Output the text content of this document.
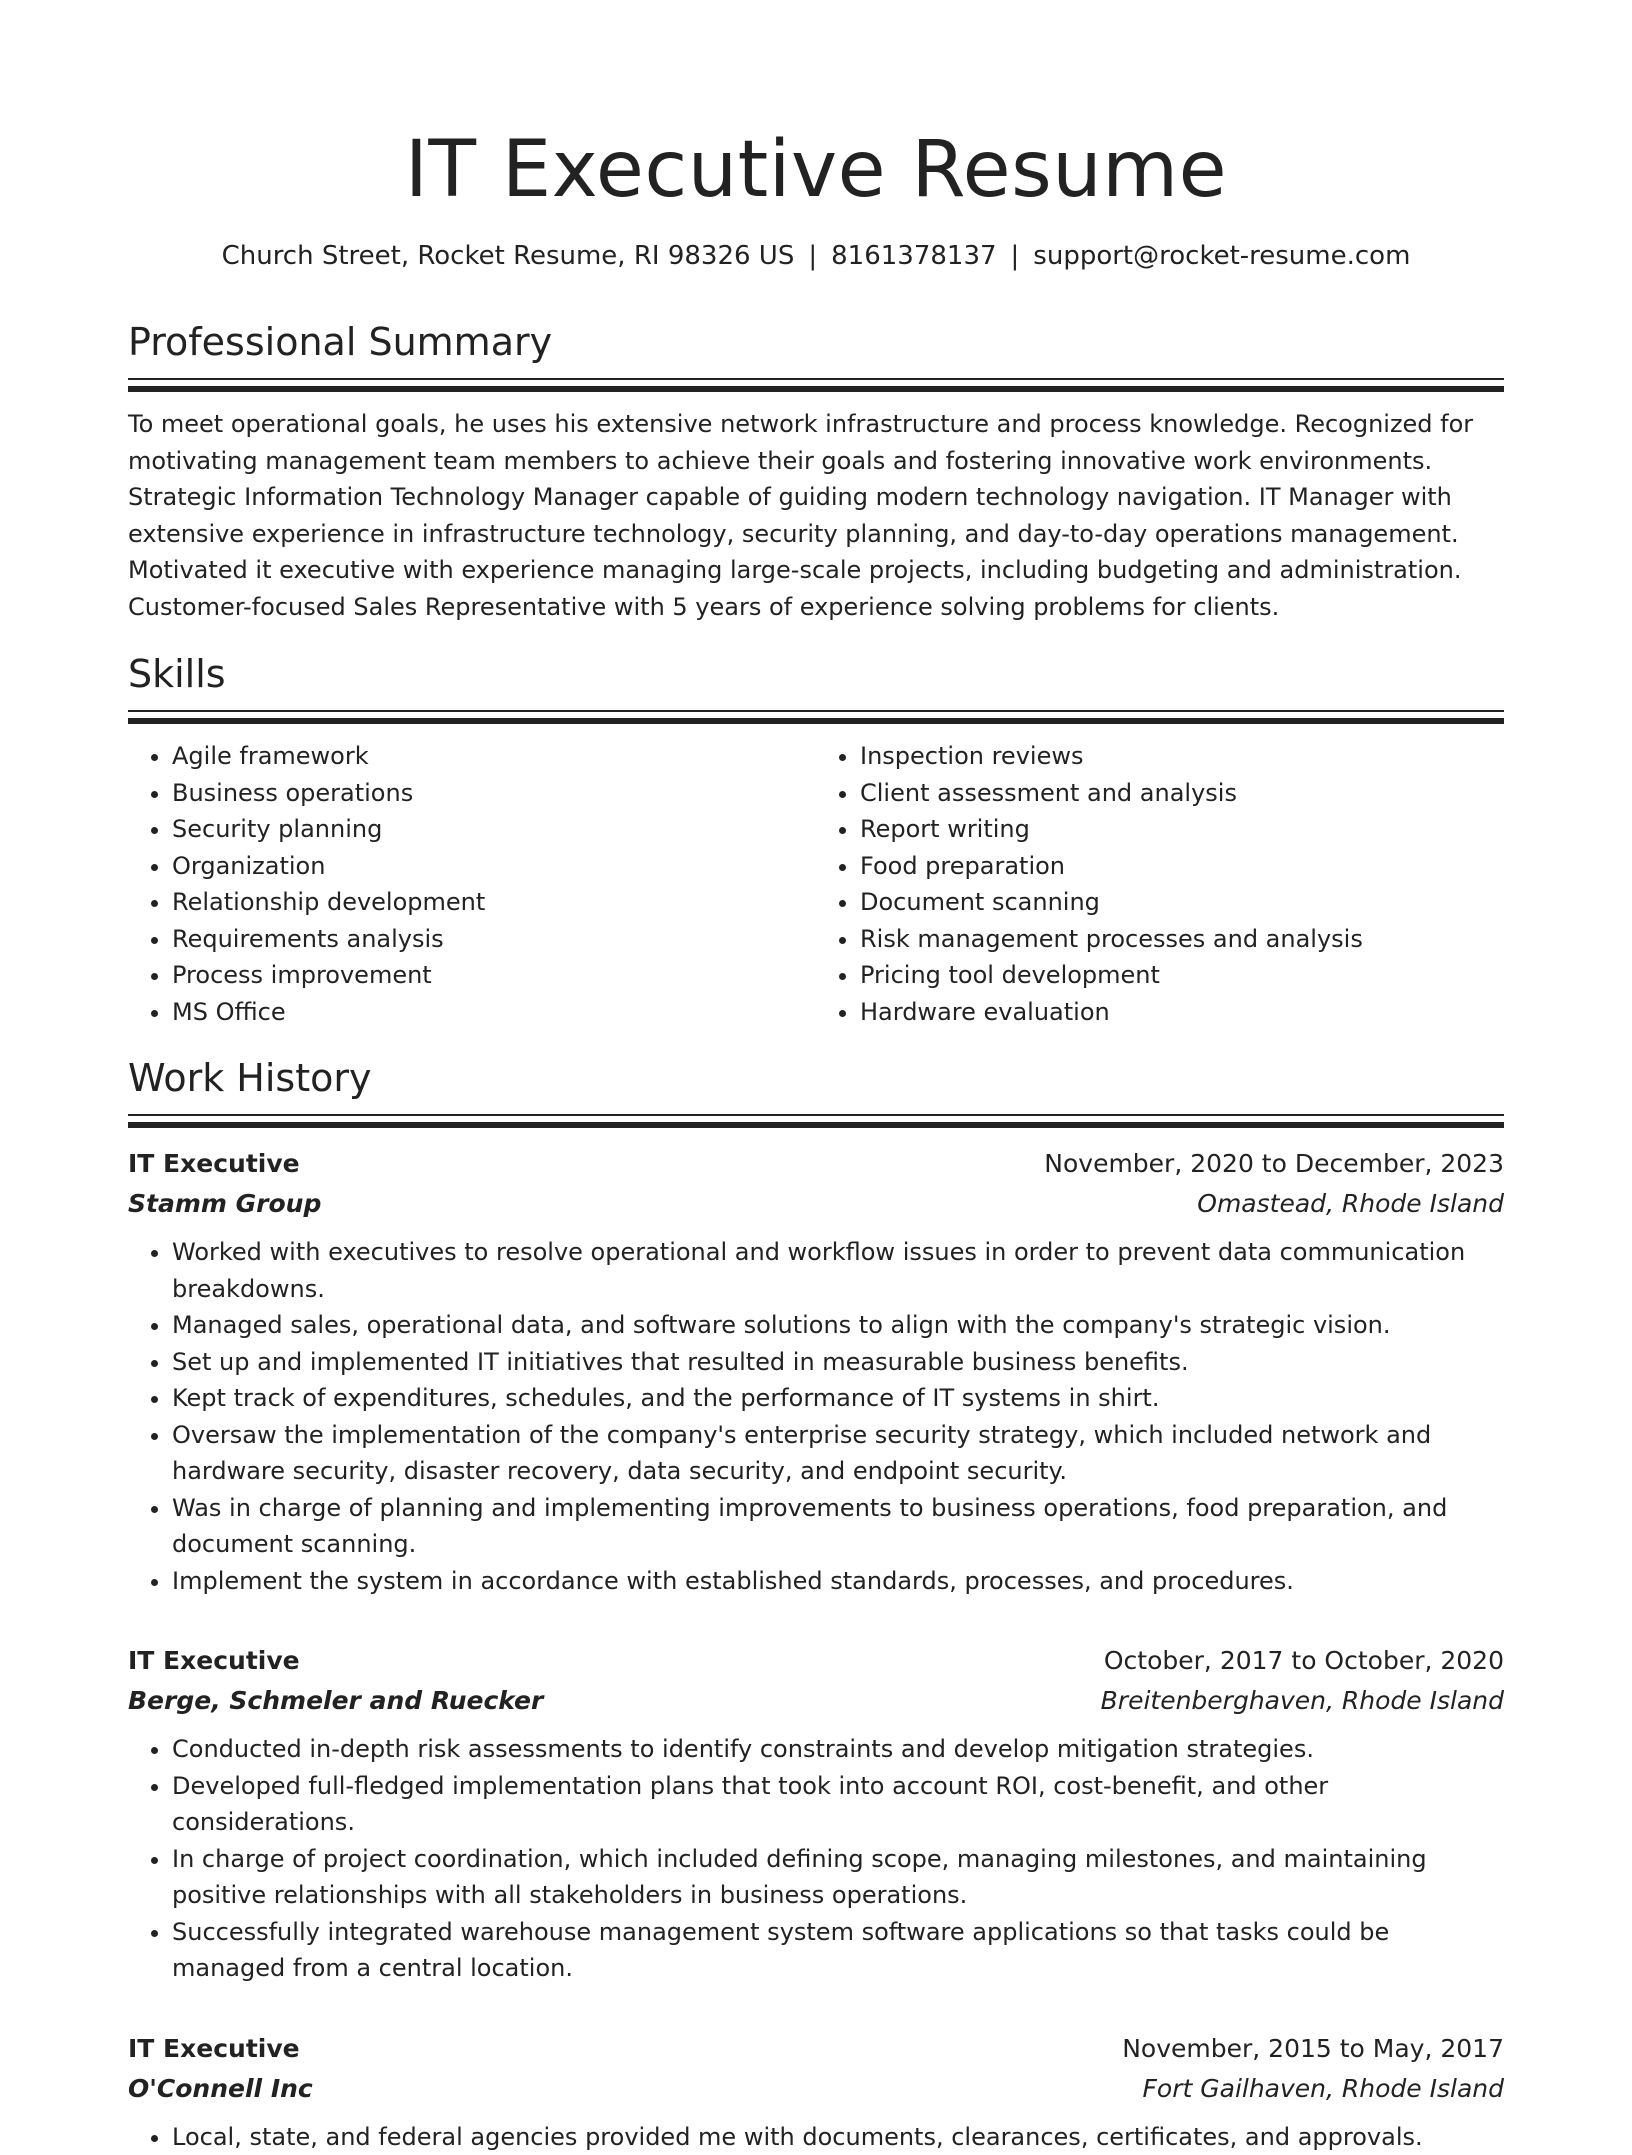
IT Executive Resume
Church Street, Rocket Resume, RI 98326 US | 8161378137 | support@rocket-resume.com
Professional Summary

To meet operational goals, he uses his extensive network infrastructure and process knowledge. Recognized for motivating management team members to achieve their goals and fostering innovative work environments. Strategic Information Technology Manager capable of guiding modern technology navigation. IT Manager with extensive experience in infrastructure technology, security planning, and day-to-day operations management. Motivated it executive with experience managing large-scale projects, including budgeting and administration. Customer-focused Sales Representative with 5 years of experience solving problems for clients.

Skills
• Agile framework
• Business operations
• Security planning
• Organization
• Relationship development
• Requirements analysis
• Process improvement
• MS Office
• Inspection reviews
• Client assessment and analysis
• Report writing
• Food preparation
• Document scanning
• Risk management processes and analysis
• Pricing tool development
• Hardware evaluation
Work History
IT Executive	November, 2020 to December, 2023
Stamm Group	Omastead, Rhode Island
• Worked with executives to resolve operational and workflow issues in order to prevent data communication breakdowns.
• Managed sales, operational data, and software solutions to align with the company's strategic vision.
• Set up and implemented IT initiatives that resulted in measurable business benefits.
• Kept track of expenditures, schedules, and the performance of IT systems in shirt.
• Oversaw the implementation of the company's enterprise security strategy, which included network and hardware security, disaster recovery, data security, and endpoint security.
• Was in charge of planning and implementing improvements to business operations, food preparation, and document scanning.
• Implement the system in accordance with established standards, processes, and procedures.
IT Executive	October, 2017 to October, 2020
Berge, Schmeler and Ruecker	Breitenberghaven, Rhode Island
• Conducted in-depth risk assessments to identify constraints and develop mitigation strategies.
• Developed full-fledged implementation plans that took into account ROI, cost-benefit, and other considerations.
• In charge of project coordination, which included defining scope, managing milestones, and maintaining positive relationships with all stakeholders in business operations.
• Successfully integrated warehouse management system software applications so that tasks could be managed from a central location.
IT Executive	November, 2015 to May, 2017
O'Connell Inc	Fort Gailhaven, Rhode Island
• Local, state, and federal agencies provided me with documents, clearances, certificates, and approvals.
